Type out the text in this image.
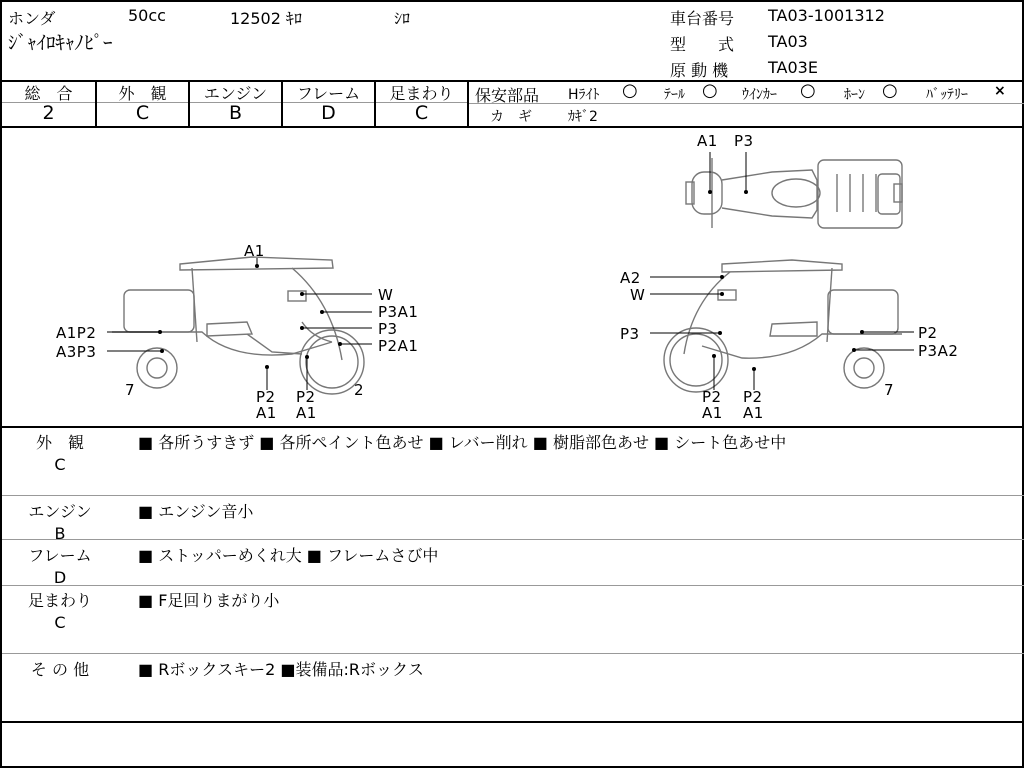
ホンダ	50cc	12502 ｷﾛ	ｼﾛ
ｼﾞｬｲﾛｷｬﾉﾋﾟｰ
車台番号 TA03-1001312
型　　式 TA03
原 動 機 TA03E
総　合	外　観	エンジン	フレーム	足まわり
2	C	B	D	C
保安部品 Hﾗｲﾄ ○ ﾃｰﾙ ○ ｳｲﾝｶｰ ○ ﾎｰﾝ ○ ﾊﾞｯﾃﾘｰ ×
カ　ギ	ｶｷﾞ2
A1 P3
A1
W
P3A1
A1P2	P3
A3P3	P2A1
7	P2
A1
P2
A1
2
A2
W
P3	P2
P3A2
P2
A1
P2
A1
7
外　観
C
■ 各所うすきず ■ 各所ペイント色あせ ■ レバー削れ ■ 樹脂部色あせ ■ シート色あせ中
エンジン
B
■ エンジン音小
フレーム
D
■ ストッパーめくれ大 ■ フレームさび中
足まわり
C
■ F足回りまがり小
そ の 他	■ Rボックスキー2 ■装備品:Rボックス
